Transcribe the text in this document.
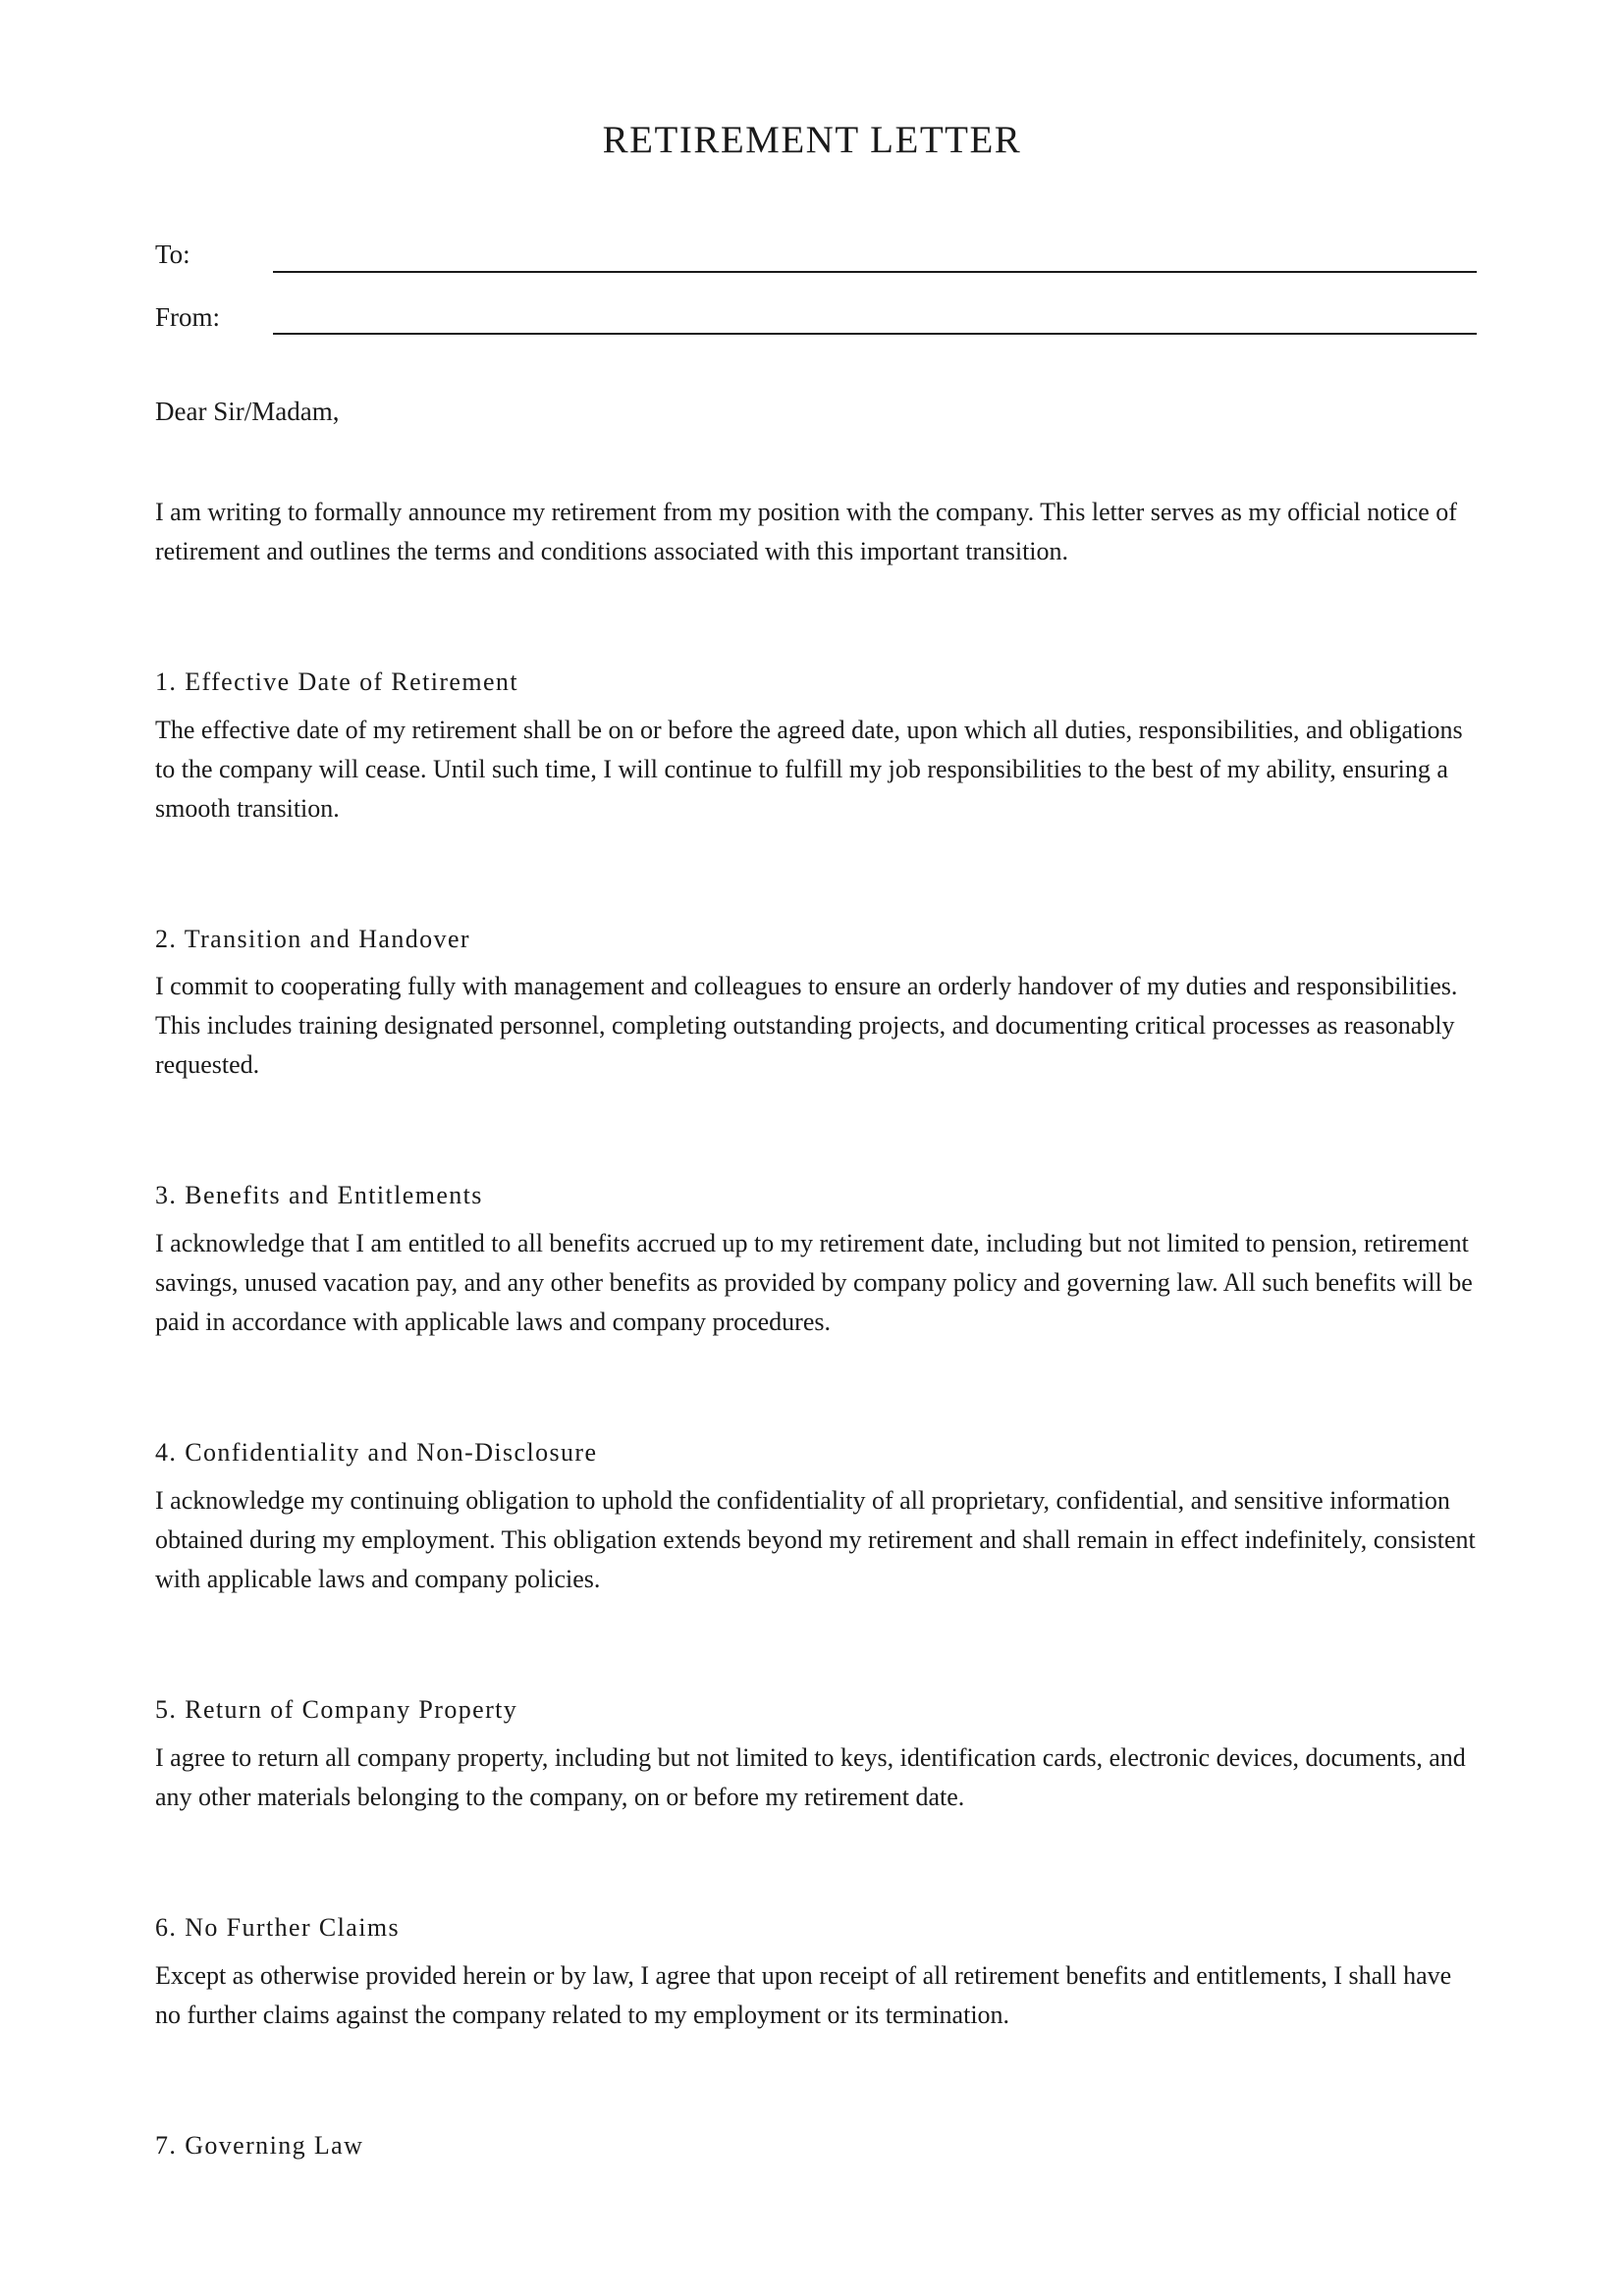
RETIREMENT LETTER
To:
From:
Dear Sir/Madam,

I am writing to formally announce my retirement from my position with the company. This letter serves as my official notice of retirement and outlines the terms and conditions associated with this important transition.

1. Effective Date of Retirement

The effective date of my retirement shall be on or before the agreed date, upon which all duties, responsibilities, and obligations to the company will cease. Until such time, I will continue to fulfill my job responsibilities to the best of my ability, ensuring a smooth transition.

2. Transition and Handover

I commit to cooperating fully with management and colleagues to ensure an orderly handover of my duties and responsibilities. This includes training designated personnel, completing outstanding projects, and documenting critical processes as reasonably requested.

3. Benefits and Entitlements

I acknowledge that I am entitled to all benefits accrued up to my retirement date, including but not limited to pension, retirement savings, unused vacation pay, and any other benefits as provided by company policy and governing law. All such benefits will be paid in accordance with applicable laws and company procedures.

4. Confidentiality and Non-Disclosure

I acknowledge my continuing obligation to uphold the confidentiality of all proprietary, confidential, and sensitive information obtained during my employment. This obligation extends beyond my retirement and shall remain in effect indefinitely, consistent with applicable laws and company policies.

5. Return of Company Property

I agree to return all company property, including but not limited to keys, identification cards, electronic devices, documents, and any other materials belonging to the company, on or before my retirement date.

6. No Further Claims

Except as otherwise provided herein or by law, I agree that upon receipt of all retirement benefits and entitlements, I shall have no further claims against the company related to my employment or its termination.

7. Governing Law
